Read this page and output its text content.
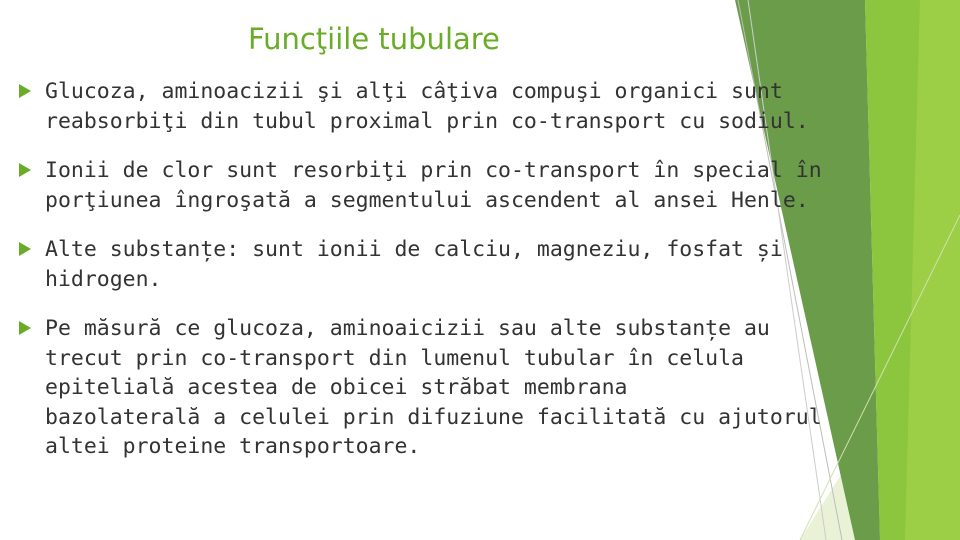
Funcţiile tubulare
Glucoza, aminoacizii şi alţi câţiva compuşi organici sunt
reabsorbiţi din tubul proximal prin co-transport cu sodiul.
Ionii de clor sunt resorbiţi prin co-transport în special în
porţiunea îngroşată a segmentului ascendent al ansei Henle.
Alte substanțe: sunt ionii de calciu, magneziu, fosfat și
hidrogen.
Pe măsură ce glucoza, aminoaicizii sau alte substanțe au
trecut prin co-transport din lumenul tubular în celula
epitelială acestea de obicei străbat membrana
bazolaterală a celulei prin difuziune facilitată cu ajutorul
altei proteine transportoare.
